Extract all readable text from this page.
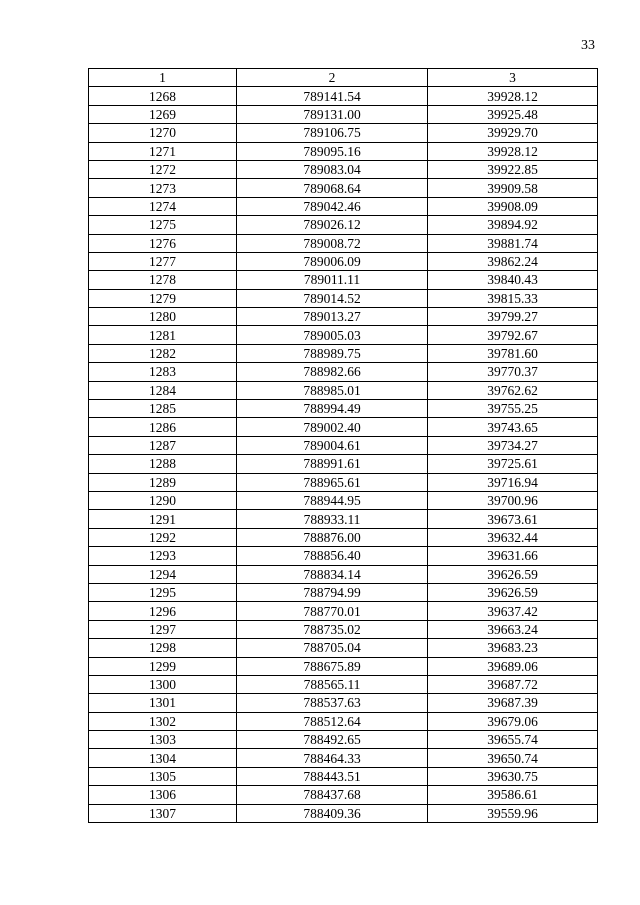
33
1	2	3
1268	789141.54	39928.12
1269	789131.00	39925.48
1270	789106.75	39929.70
1271	789095.16	39928.12
1272	789083.04	39922.85
1273	789068.64	39909.58
1274	789042.46	39908.09
1275	789026.12	39894.92
1276	789008.72	39881.74
1277	789006.09	39862.24
1278	789011.11	39840.43
1279	789014.52	39815.33
1280	789013.27	39799.27
1281	789005.03	39792.67
1282	788989.75	39781.60
1283	788982.66	39770.37
1284	788985.01	39762.62
1285	788994.49	39755.25
1286	789002.40	39743.65
1287	789004.61	39734.27
1288	788991.61	39725.61
1289	788965.61	39716.94
1290	788944.95	39700.96
1291	788933.11	39673.61
1292	788876.00	39632.44
1293	788856.40	39631.66
1294	788834.14	39626.59
1295	788794.99	39626.59
1296	788770.01	39637.42
1297	788735.02	39663.24
1298	788705.04	39683.23
1299	788675.89	39689.06
1300	788565.11	39687.72
1301	788537.63	39687.39
1302	788512.64	39679.06
1303	788492.65	39655.74
1304	788464.33	39650.74
1305	788443.51	39630.75
1306	788437.68	39586.61
1307	788409.36	39559.96
